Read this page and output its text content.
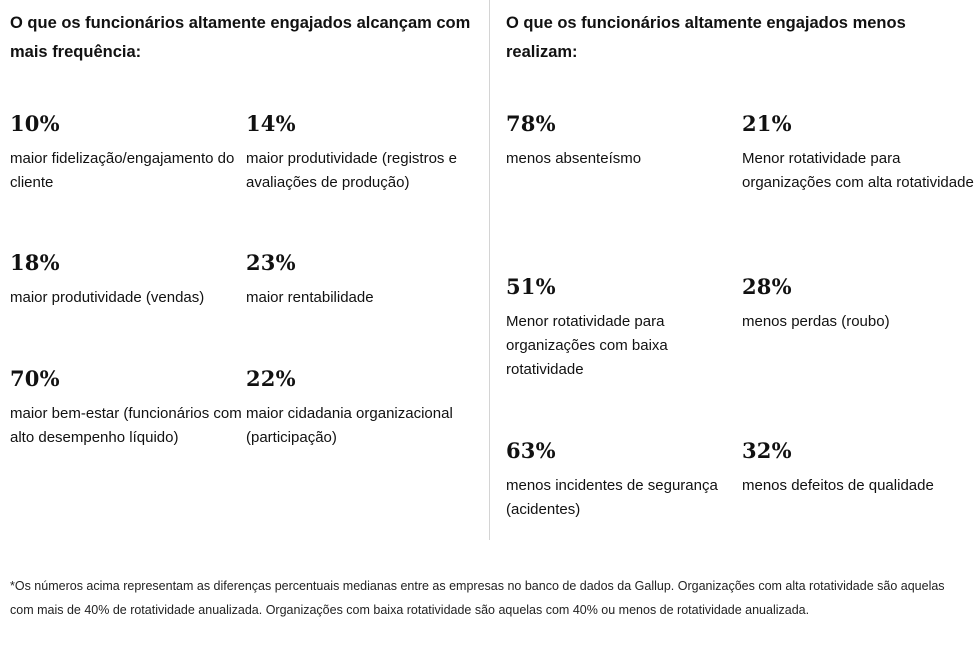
O que os funcionários altamente engajados alcançam com mais frequência:
10%
maior fidelização/engajamento do cliente
14%
maior produtividade (registros e avaliações de produção)
18%
maior produtividade (vendas)
23%
maior rentabilidade
70%
maior bem-estar (funcionários com alto desempenho líquido)
22%
maior cidadania organizacional (participação)
O que os funcionários altamente engajados menos realizam:
78%
menos absenteísmo
21%
Menor rotatividade para organizações com alta rotatividade
51%
Menor rotatividade para organizações com baixa rotatividade
28%
menos perdas (roubo)
63%
menos incidentes de segurança (acidentes)
32%
menos defeitos de qualidade
*Os números acima representam as diferenças percentuais medianas entre as empresas no banco de dados da Gallup. Organizações com alta rotatividade são aquelas com mais de 40% de rotatividade anualizada. Organizações com baixa rotatividade são aquelas com 40% ou menos de rotatividade anualizada.
